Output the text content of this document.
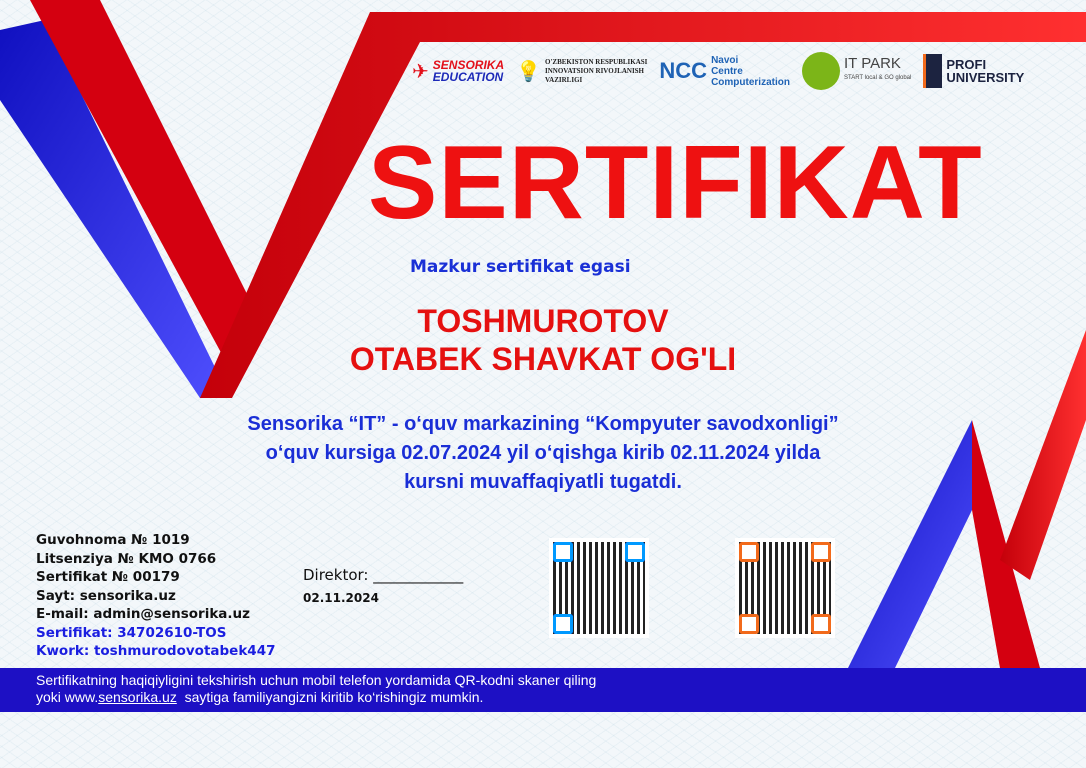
✈ SENSORIKA
EDUCATION 💡 O'ZBEKISTON RESPUBLIKASI
INNOVATSION RIVOJLANISH
VAZIRLIGI	NCC Navoi
Centre
Computerization
IT PARK
START local & GO global
PROFI
UNIVERSITY
SERTIFIKAT
Mazkur sertifikat egasi
TOSHMUROTOV
OTABEK SHAVKAT OG'LI
Sensorika “IT” - o‘quv markazining “Kompyuter savodxonligi”
o‘quv kursiga 02.07.2024 yil o‘qishga kirib 02.11.2024 yilda
kursni muvaffaqiyatli tugatdi.
Guvohnoma № 1019
Litsenziya № KMO 0766
Sertifikat № 00179
Sayt: sensorika.uz
E-mail: admin@sensorika.uz
Sertifikat: 34702610-TOS
Kwork: toshmurodovotabek447
Direktor: ____________
02.11.2024
Sertifikatning haqiqiyligini tekshirish uchun mobil telefon yordamida QR-kodni skaner qiling
yoki www.sensorika.uz  saytiga familiyangizni kiritib ko‘rishingiz mumkin.
